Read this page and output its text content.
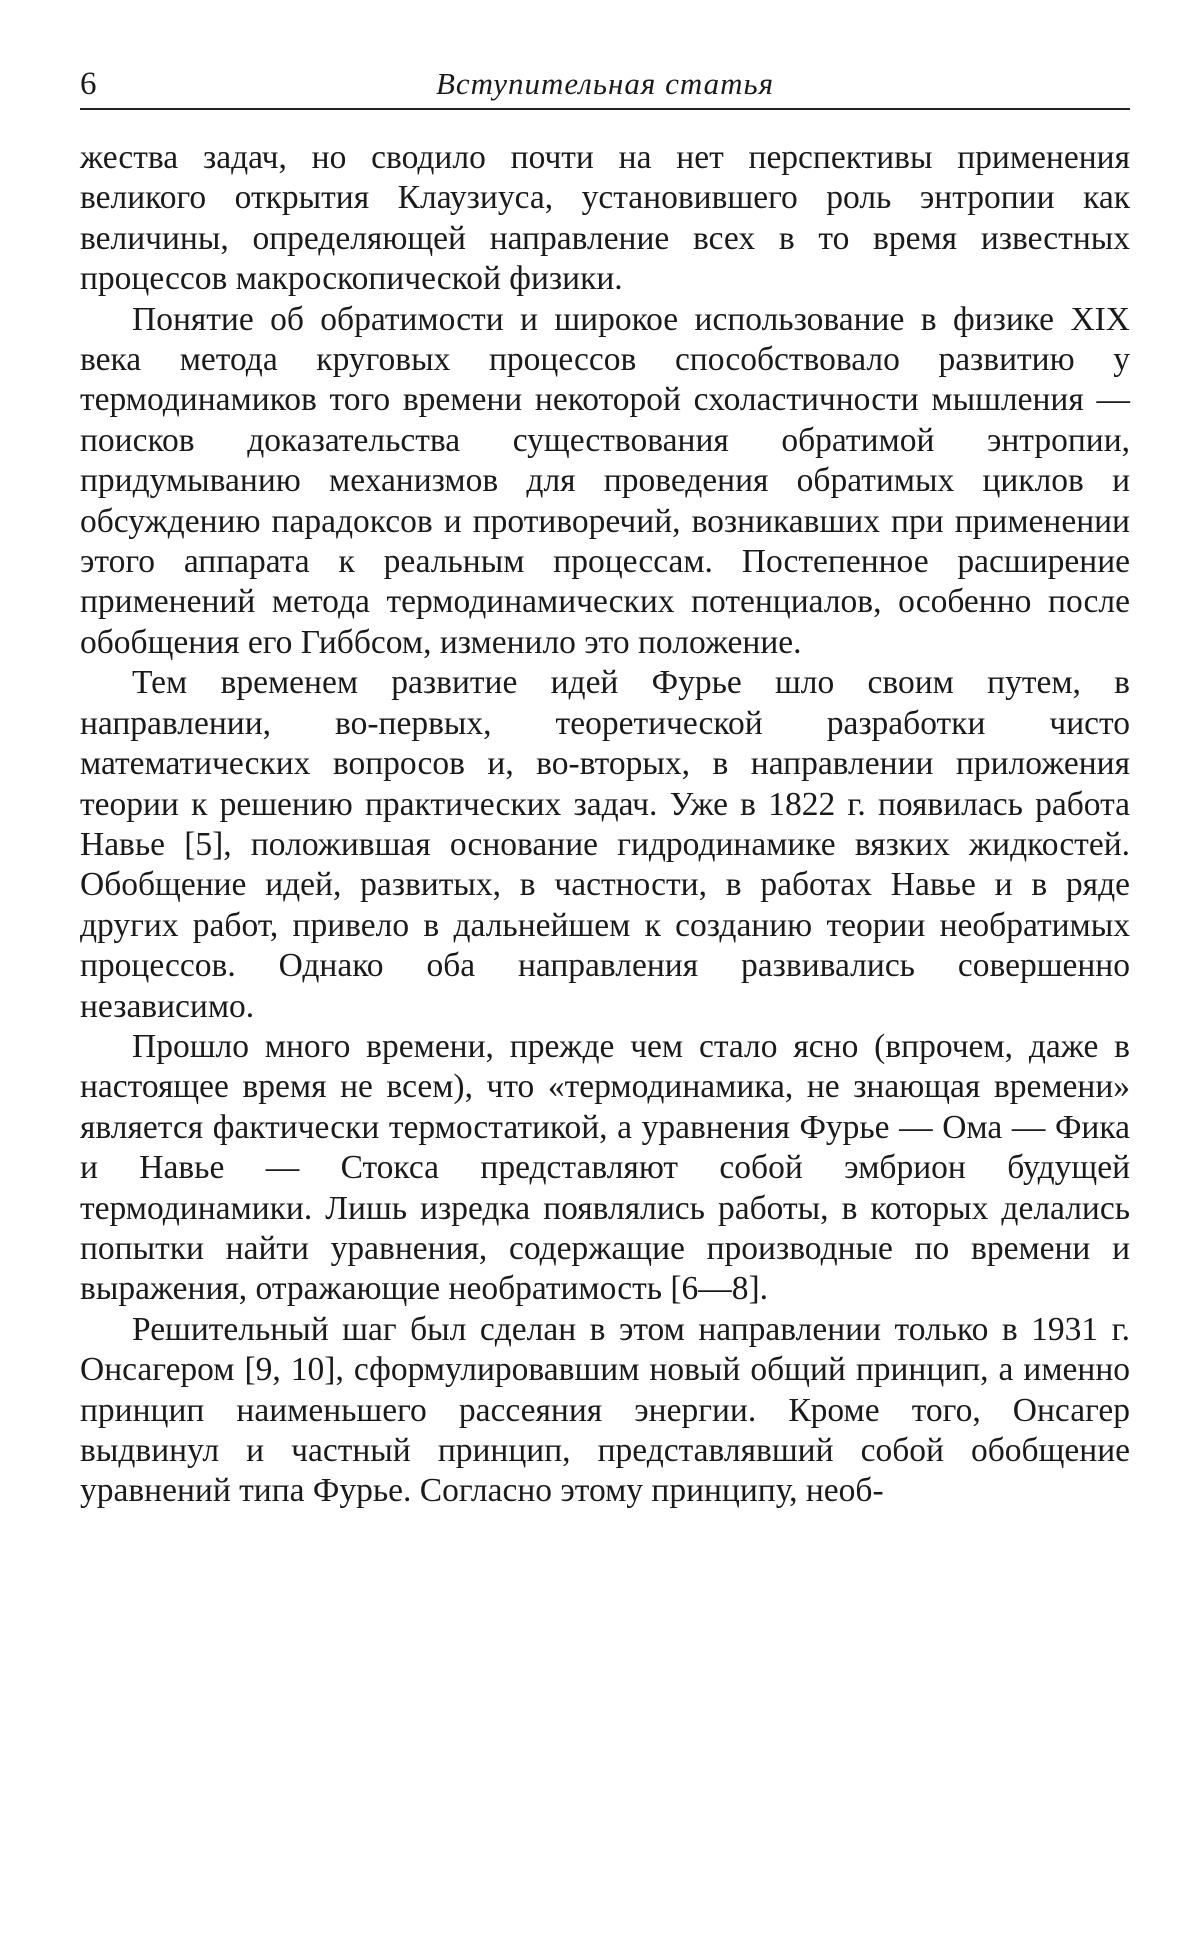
6	Вступительная статья

жества задач, но сводило почти на нет перспективы применения великого открытия Клаузиуса, установившего роль энтропии как величины, определяющей направление всех в то время известных процессов макроскопической физики.

Понятие об обратимости и широкое использование в физике XIX века метода круговых процессов способствовало развитию у термодинамиков того времени некоторой схоластичности мышления — поисков доказательства существования обратимой энтропии, придумыванию механизмов для проведения обратимых циклов и обсуждению парадоксов и противоречий, возникавших при применении этого аппарата к реальным процессам. Постепенное расширение применений метода термодинамических потенциалов, особенно после обобщения его Гиббсом, изменило это положение.

Тем временем развитие идей Фурье шло своим путем, в направлении, во-первых, теоретической разработки чисто математических вопросов и, во-вторых, в направлении приложения теории к решению практических задач. Уже в 1822 г. появилась работа Навье [5], положившая основание гидродинамике вязких жидкостей. Обобщение идей, развитых, в частности, в работах Навье и в ряде других работ, привело в дальнейшем к созданию теории необратимых процессов. Однако оба направления развивались совершенно независимо.

Прошло много времени, прежде чем стало ясно (впрочем, даже в настоящее время не всем), что «термодинамика, не знающая времени» является фактически термостатикой, а уравнения Фурье — Ома — Фика и Навье — Стокса представляют собой эмбрион будущей термодинамики. Лишь изредка появлялись работы, в которых делались попытки найти уравнения, содержащие производные по времени и выражения, отражающие необратимость [6—8].

Решительный шаг был сделан в этом направлении только в 1931 г. Онсагером [9, 10], сформулировавшим новый общий принцип, а именно принцип наименьшего рассеяния энергии. Кроме того, Онсагер выдвинул и частный принцип, представлявший собой обобщение уравнений типа Фурье. Согласно этому принципу, необ-
